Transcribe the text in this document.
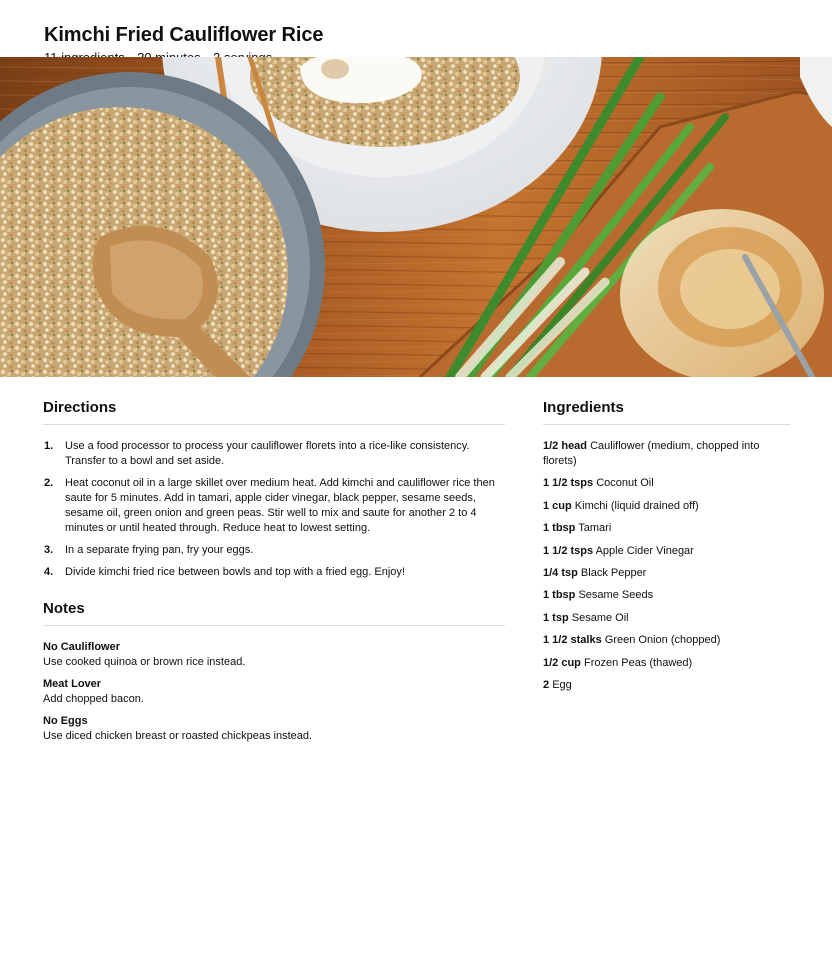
Kimchi Fried Cauliflower Rice
Directions
1. Use a food processor to process your cauliflower florets into a rice-like consistency. Transfer to a bowl and set aside.
2. Heat coconut oil in a large skillet over medium heat. Add kimchi and cauliflower rice then saute for 5 minutes. Add in tamari, apple cider vinegar, black pepper, sesame seeds, sesame oil, green onion and green peas. Stir well to mix and saute for another 2 to 4 minutes or until heated through. Reduce heat to lowest setting.
3. In a separate frying pan, fry your eggs.
4. Divide kimchi fried rice between bowls and top with a fried egg. Enjoy!
Notes
No Cauliflower
Use cooked quinoa or brown rice instead.
Meat Lover
Add chopped bacon.
No Eggs
Use diced chicken breast or roasted chickpeas instead.
Ingredients
1/2 head Cauliflower (medium, chopped into florets)
1 1/2 tsps Coconut Oil
1 cup Kimchi (liquid drained off)
1 tbsp Tamari
1 1/2 tsps Apple Cider Vinegar
1/4 tsp Black Pepper
1 tbsp Sesame Seeds
1 tsp Sesame Oil
1 1/2 stalks Green Onion (chopped)
1/2 cup Frozen Peas (thawed)
2 Egg
